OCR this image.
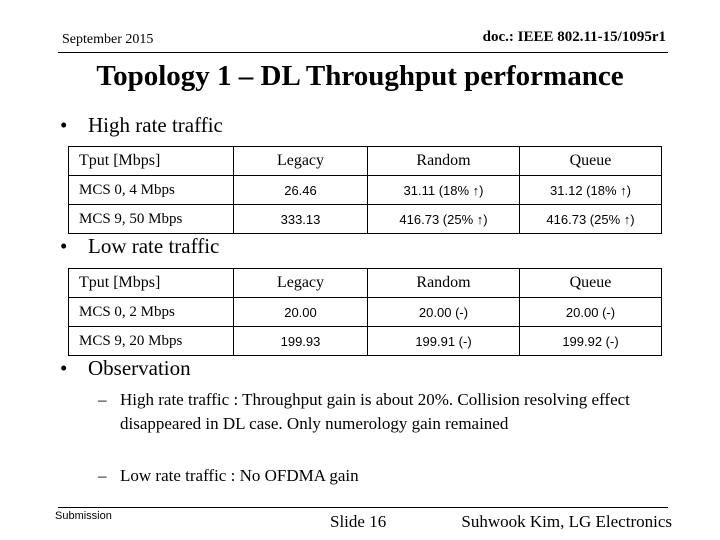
September 2015	doc.: IEEE 802.11-15/1095r1
Topology 1 – DL Throughput performance
• High rate traffic
Tput [Mbps]	Legacy	Random	Queue
MCS 0, 4 Mbps	26.46	31.11 (18% ↑)	31.12 (18% ↑)
MCS 9, 50 Mbps	333.13	416.73 (25% ↑)	416.73 (25% ↑)
• Low rate traffic
Tput [Mbps]	Legacy	Random	Queue
MCS 0, 2 Mbps	20.00	20.00 (-)	20.00 (-)
MCS 9, 20 Mbps	199.93	199.91 (-)	199.92 (-)
• Observation
– High rate traffic : Throughput gain is about 20%. Collision resolving effect disappeared in DL case. Only numerology gain remained
– Low rate traffic : No OFDMA gain
Submission	Slide 16	Suhwook Kim, LG Electronics
